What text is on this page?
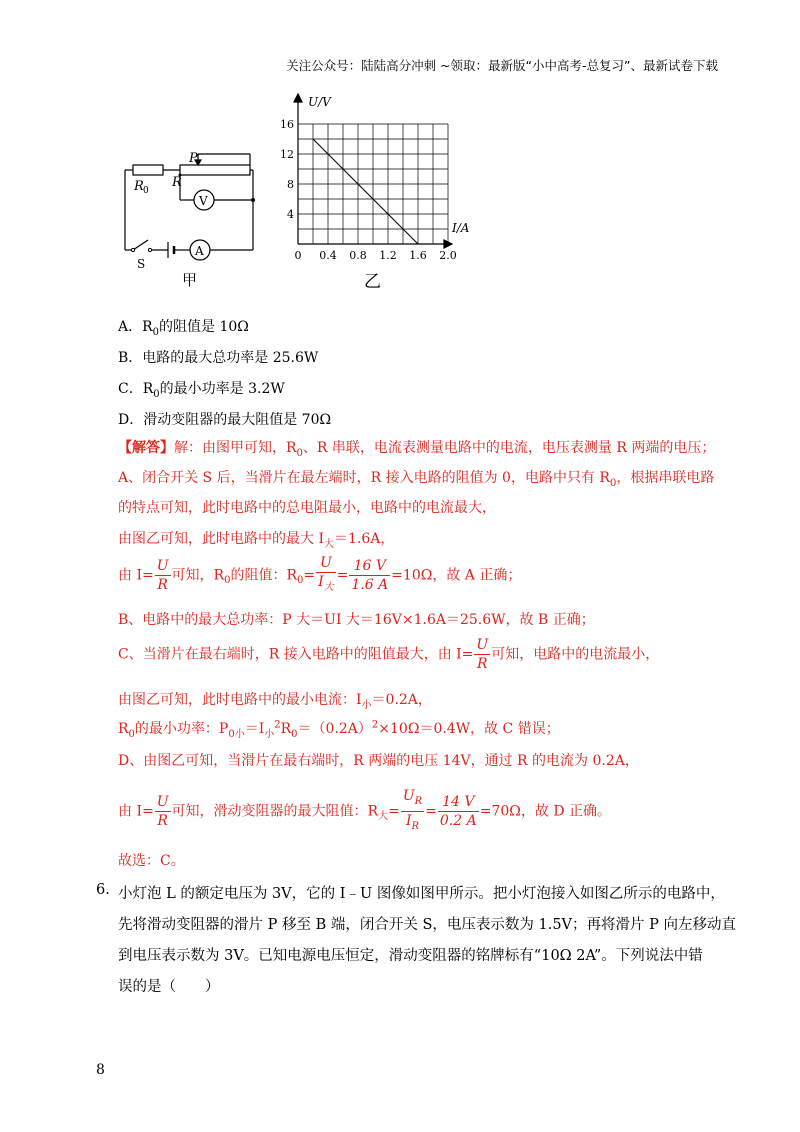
关注公众号：陆陆高分冲刺 ~领取：最新版“小中高考-总复习”、最新试卷下载
R 0
R
P
V
A
S
甲
0 0.4 0.8 1.2 1.6 2.0
4
8
12
16
U/V
I/A
乙
A．$R_0$的阻值是 10Ω
B．电路的最大总功率是 25.6W
C．$R_0$的最小功率是 3.2W
D．滑动变阻器的最大阻值是 70Ω
【解答】解：由图甲可知，$R_0$、R 串联，电流表测量电路中的电流，电压表测量 R 两端的电压；
A、闭合开关 S 后，当滑片在最左端时，R 接入电路的阻值为 0，电路中只有 $R_0$，根据串联电路
的特点可知，此时电路中的总电阻最小，电路中的电流最大，
由图乙可知，此时电路中的最大 $I_大=1.6A$，
由 $I= \frac{U}{R}$ 可知，$R_0$的阻值：$R_0= \frac{U}{I_大} = \frac{16 V}{1.6 A} =10\Omega$，故 A 正确；
B、电路中的最大总功率：P 大＝UI 大＝16V×1.6A＝25.6W，故 B 正确；
C、当滑片在最右端时，R 接入电路中的阻值最大，由 $I= \frac{U}{R}$ 可知，电路中的电流最小，
由图乙可知，此时电路中的最小电流：$I_小=0.2A$，
$R_0$的最小功率：$P_{0小}=I_小^2R_0=(0.2A)^2\times 10\Omega=0.4W$，故 C 错误；
D、由图乙可知，当滑片在最右端时，R 两端的电压 14V，通过 R 的电流为 0.2A，
由 $I= \frac{U}{R}$ 可知，滑动变阻器的最大阻值：$R_大= \frac{U_R}{I_R} = \frac{14 V}{0.2 A} =70\Omega$，故 D 正确。
故选：C。
6. 小灯泡 L 的额定电压为 3V，它的 I﹣U 图像如图甲所示。把小灯泡接入如图乙所示的电路中，
先将滑动变阻器的滑片 P 移至 B 端，闭合开关 S，电压表示数为 1.5V；再将滑片 P 向左移动直
到电压表示数为 3V。已知电源电压恒定，滑动变阻器的铭牌标有“10Ω 2A”。下列说法中错
误的是（　　）
8
